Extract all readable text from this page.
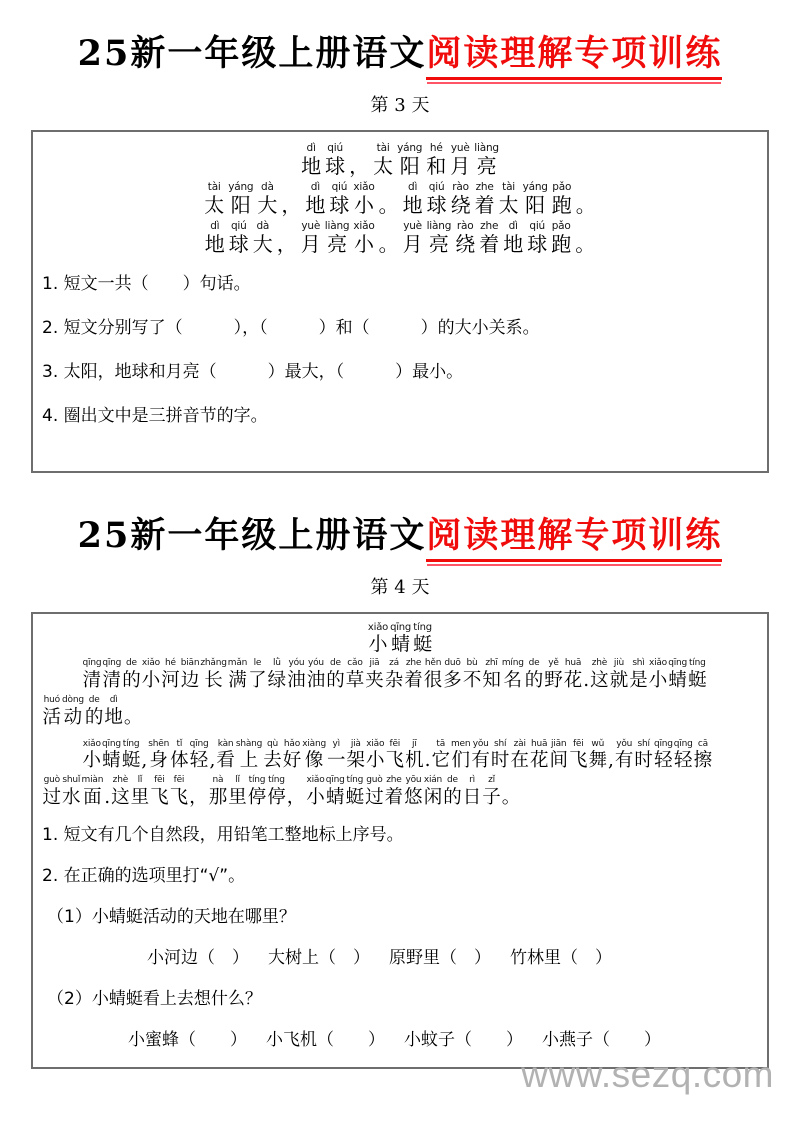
25新一年级上册语文阅读理解专项训练
第 3 天
dì
地
qiú
球
，
tài
太
yáng
阳
hé
和
yuè
月
liàng
亮
tài
太
yáng
阳
dà
大
，
dì
地
qiú
球
xiǎo
小
。
dì
地
qiú
球
rào
绕
zhe
着
tài
太
yáng
阳
pǎo
跑
。
dì
地
qiú
球
dà
大
，
yuè
月
liàng
亮
xiǎo
小
。
yuè
月
liàng
亮
rào
绕
zhe
着
dì
地
qiú
球
pǎo
跑
。

1. 短文一共（　　）句话。

2. 短文分别写了（　　　），（　　　）和（　　　）的大小关系。

3. 太阳，地球和月亮（　　　）最大，（　　　）最小。

4. 圈出文中是三拼音节的字。

25新一年级上册语文阅读理解专项训练
第 4 天
xiǎo
小
qīng
蜻
tíng
蜓
qīng
清
qīng
清
de
的
xiǎo
小
hé
河
biān
边
zhǎng
长
mǎn
满
le
了
lǜ
绿
yóu
油
yóu
油
de
的
cǎo
草
jiā
夹
zá
杂
zhe
着
hěn
很
duō
多
bù
不
zhī
知
míng
名
de
的
yě
野
huā
花
.
zhè
这
jiù
就
shì
是
xiǎo
小
qīng
蜻
tíng
蜓
huó
活
dòng
动
de
的
dì
地
。
xiǎo
小
qīng
蜻
tíng
蜓
,
shēn
身
tǐ
体
qīng
轻
,
kàn
看
shàng
上
qù
去
hǎo
好
xiàng
像
yì
一
jià
架
xiǎo
小
fēi
飞
jī
机
.
tā
它
men
们
yǒu
有
shí
时
zài
在
huā
花
jiān
间
fēi
飞
wǔ
舞
,
yǒu
有
shí
时
qīng
轻
qīng
轻
cā
擦
guò
过
shuǐ
水
miàn
面
.
zhè
这
lǐ
里
fēi
飞
fēi
飞
，
nà
那
lǐ
里
tíng
停
tíng
停
，
xiǎo
小
qīng
蜻
tíng
蜓
guò
过
zhe
着
yōu
悠
xián
闲
de
的
rì
日
zǐ
子
。

1. 短文有几个自然段，用铅笔工整地标上序号。

2. 在正确的选项里打“√”。

（1）小蜻蜓活动的天地在哪里？

小河边（　） 大树上（　） 原野里（　） 竹林里（　）

（2）小蜻蜓看上去想什么？

小蜜蜂（　　） 小飞机（　　） 小蚊子（　　） 小燕子（　　）
www.sezq.com
